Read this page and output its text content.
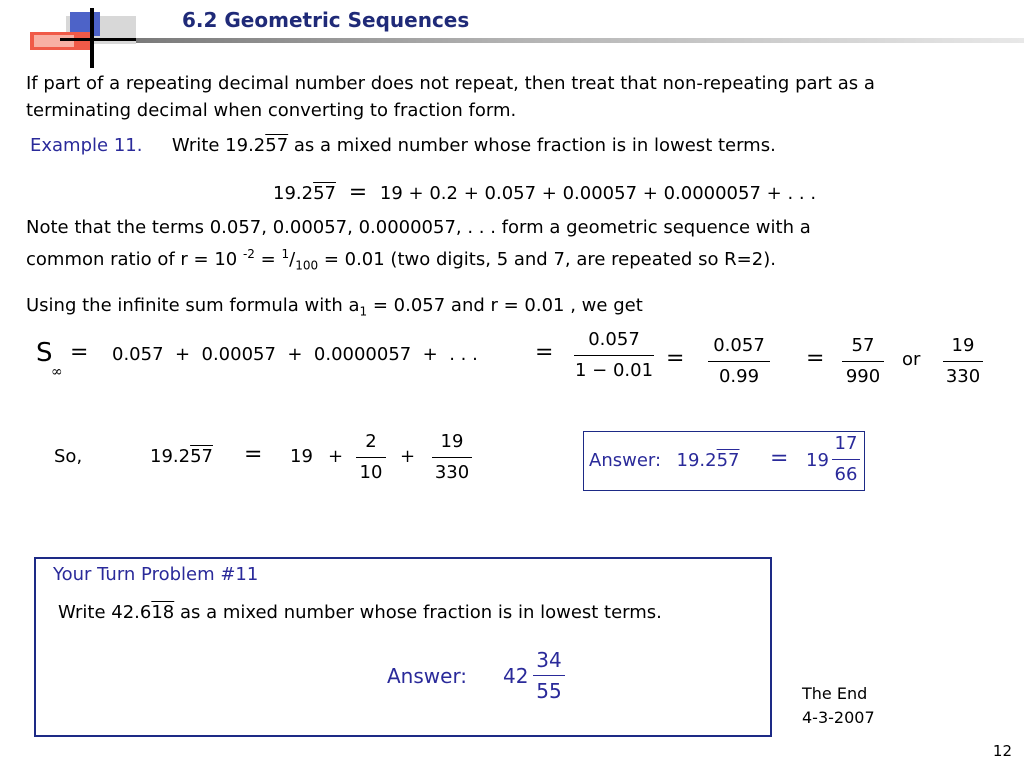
6.2 Geometric Sequences
If part of a repeating decimal number does not repeat, then treat that non-repeating part as a
terminating decimal when converting to fraction form.
Example 11. Write 19.257 as a mixed number whose fraction is in lowest terms.
19.257  =  19 + 0.2 + 0.057 + 0.00057 + 0.0000057 + . . .
Note that the terms 0.057, 0.00057, 0.0000057, . . . form a geometric sequence with a
common ratio of r = 10 $^{-2} = ^1/_{100} = 0.01$ (two digits, 5 and 7, are repeated so R=2).
Using the infinite sum formula with $a_1 = 0.057$ and r = 0.01 , we get
S
∞
= 0.057  +  0.00057  +  0.0000057  +  . . .	=
0.057
1 − 0.01 =
0.057
0.99
=
57
990
or
19
330
So,	19.257 = 19 +
2
10
+
19
330
Answer: 19.257 = 19
17
66
Your Turn Problem #11
Write 42.618 as a mixed number whose fraction is in lowest terms.
Answer: 42
34
55	The End
4-3-2007
12
